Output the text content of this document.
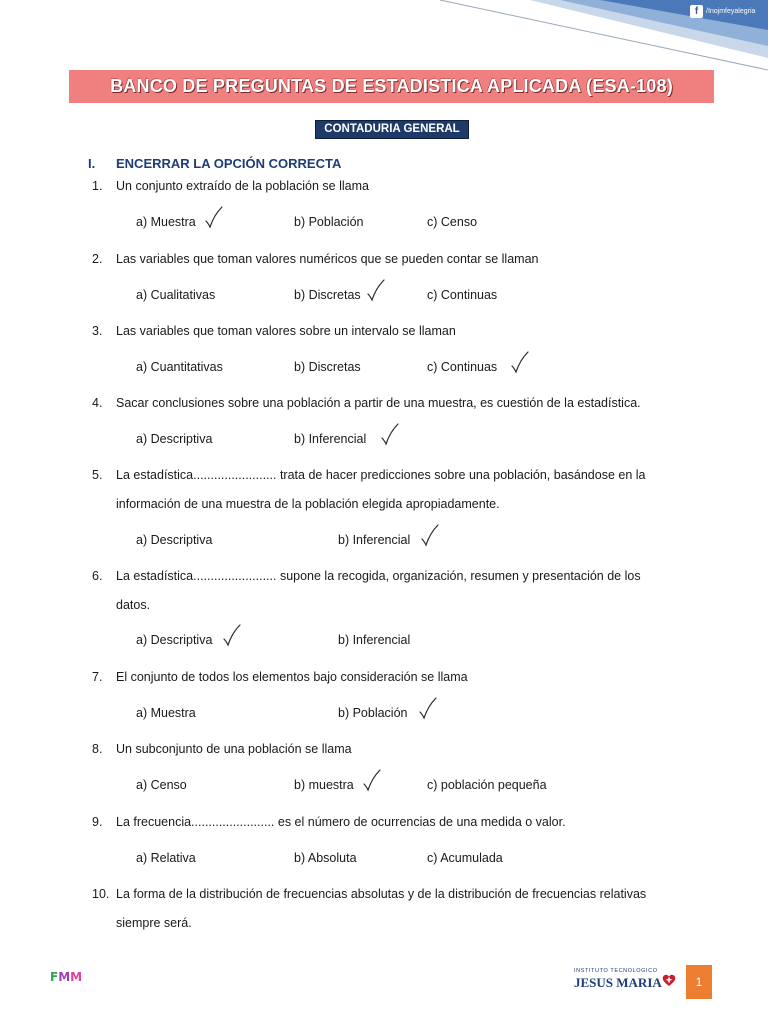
f	/Inojmfeyalegria
BANCO DE PREGUNTAS DE ESTADISTICA APLICADA (ESA-108)
CONTADURIA GENERAL
I. ENCERRAR LA OPCIÓN CORRECTA
1. Un conjunto extraído de la población se llama
a) Muestra	b) Población	c) Censo
2. Las variables que toman valores numéricos que se pueden contar se llaman
a) Cualitativas	b) Discretas	c) Continuas
3. Las variables que toman valores sobre un intervalo se llaman
a) Cuantitativas	b) Discretas	c) Continuas
4. Sacar conclusiones sobre una población a partir de una muestra, es cuestión de la estadística.
a) Descriptiva	b) Inferencial
5. La estadística........................ trata de hacer predicciones sobre una población, basándose en la
información de una muestra de la población elegida apropiadamente.
a) Descriptiva	b) Inferencial
6. La estadística........................ supone la recogida, organización, resumen y presentación de los
datos.
a) Descriptiva	b) Inferencial
7. El conjunto de todos los elementos bajo consideración se llama
a) Muestra	b) Población
8. Un subconjunto de una población se llama
a) Censo	b) muestra	c) población pequeña
9. La frecuencia........................ es el número de ocurrencias de una medida o valor.
a) Relativa	b) Absoluta	c) Acumulada
10. La forma de la distribución de frecuencias absolutas y de la distribución de frecuencias relativas
siempre será.
FMM	INSTITUTO TECNOLOGICO
JESUS MARIA	1
